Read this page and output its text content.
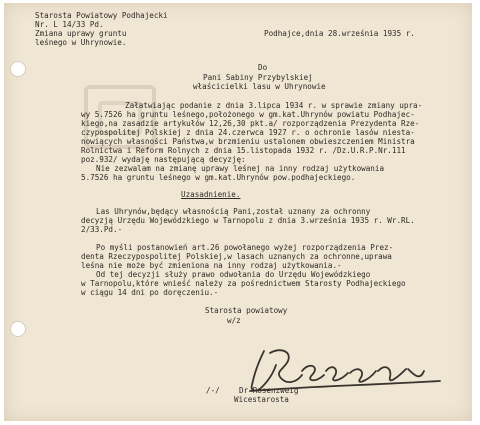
Starosta Powiatowy Podhajecki
Nr. L 14/33 Pd.
Zmiana uprawy gruntu
leśnego w Uhrynowie.
Podhajce,dnia 28.września 1935 r.
Do
Pani Sabiny Przybylskiej
właścicielki lasu w Uhrynowie
Załatwiając podanie z dnia 3.lipca 1934 r. w sprawie zmiany upra-
wy 5.7526 ha gruntu leśnego,położonego w gm.kat.Uhrynów powiatu Podhajec-
kiego,na zasadzie artykułów 12,26,30 pkt.a/ rozporządzenia Prezydenta Rze-
czypospolitej Polskiej z dnia 24.czerwca 1927 r. o ochronie lasów niesta-
nowiących własności Państwa,w brzmieniu ustalonem obwieszczeniem Ministra
Rolnictwa i Reform Rolnych z dnia 15.listopada 1932 r. /Dz.U.R.P.Nr.111
poz.932/ wydaję następującą decyzję:
Nie zezwalam na zmianę uprawy leśnej na inny rodzaj użytkowania
5.7526 ha gruntu leśnego w gm.kat.Uhrynów pow.podhajeckiego.
Uzasadnienie.
Las Uhrynów,będący własnością Pani,został uznany za ochronny
decyzją Urzędu Wojewódzkiego w Tarnopolu z dnia 3.września 1935 r. Wr.RL.
2/33.Pd.-
Po myśli postanowień art.26 powołanego wyżej rozporządzenia Prez-
denta Rzeczypospolitej Polskiej,w lasach uznanych za ochronne,uprawa
leśna nie może być zmieniona na inny rodzaj użytkowania.-
Od tej decyzji służy prawo odwołania do Urzędu Wojewódzkiego
w Tarnopolu,które wnieść należy za pośrednictwem Starosty Podhajeckiego
w ciągu 14 dni po doręczeniu.-
Starosta powiatowy
w/z
/-/	Dr Rosenzweig
Wicestarosta
